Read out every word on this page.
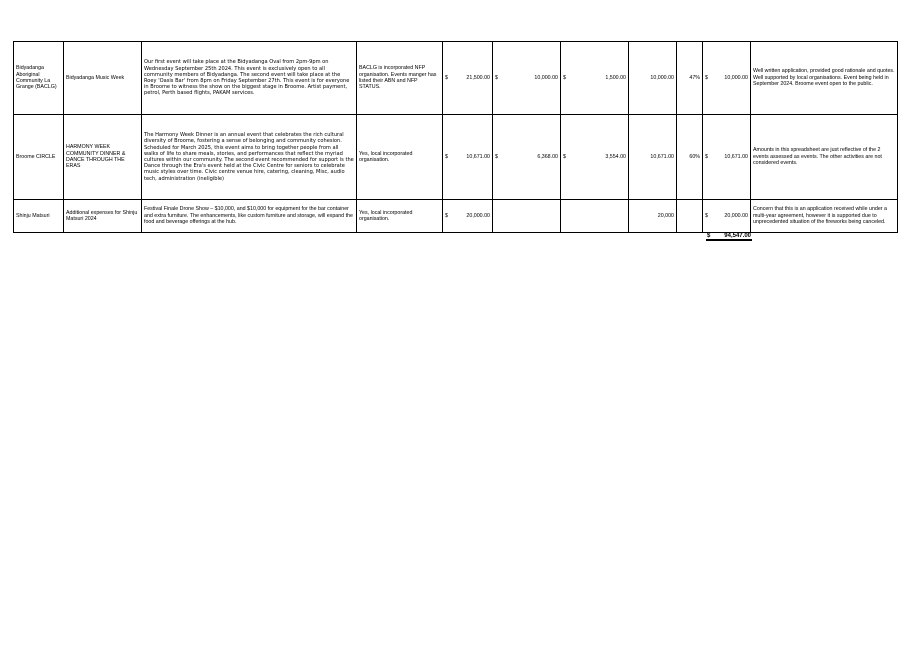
Bidyadanga Aboriginal Community La Grange (BACLG)	Bidyadanga Music Week	Our first event will take place at the Bidyadanga Oval from 2pm-9pm on Wednesday September 25th 2024. This event is exclusively open to all community members of Bidyadanga. The second event will take place at the Roey 'Oasis Bar' from 8pm on Friday September 27th. This event is for everyone in Broome to witness the show on the biggest stage in Broome. Artist payment, petrol, Perth based flights, PAKAM services.	BACLG is incorporated NFP organisation. Events manger has listed their ABN and NFP STATUS.	$ 21,500.00	$ 10,000.00	$ 1,500.00	10,000.00	47%	$ 10,000.00	Well written application, provided good rationale and quotes. Well supported by local organisations. Event being held in September 2024. Broome event open to the public.
Broome CIRCLE	HARMONY WEEK COMMUNITY DINNER & DANCE THROUGH THE ERAS	The Harmony Week Dinner is an annual event that celebrates the rich cultural diversity of Broome, fostering a sense of belonging and community cohesion. Scheduled for March 2025, this event aims to bring together people from all walks of life to share meals, stories, and performances that reflect the myriad cultures within our community. The second event recommended for support is the Dance through the Era's event held at the Civic Centre for seniors to celebrate music styles over time. Civic centre venue hire, catering, cleaning, Misc, audio tech, administration (ineligible)	Yes, local incorporated organisation.	$ 10,671.00	$ 6,368.00	$ 3,554.00	10,671.00	60%	$ 10,671.00	Amounts in this spreadsheet are just reflective of the 2 events assessed as events. The other activities are not considered events.
Shinju Matsuri	Additional expenses for Shinju Matsuri 2024	Festival Finale Drone Show – $10,000, and $10,000 for equipment for the bar container and extra furniture. The enhancements, like custom furniture and storage, will expand the food and beverage offerings at the hub.	Yes, local incorporated organisation.	$ 20,000.00			20,000		$ 20,000.00	Concern that this is an application received while under a multi-year agreement, however it is supported due to unprecedented situation of the fireworks being canceled.
$ 94,547.00
